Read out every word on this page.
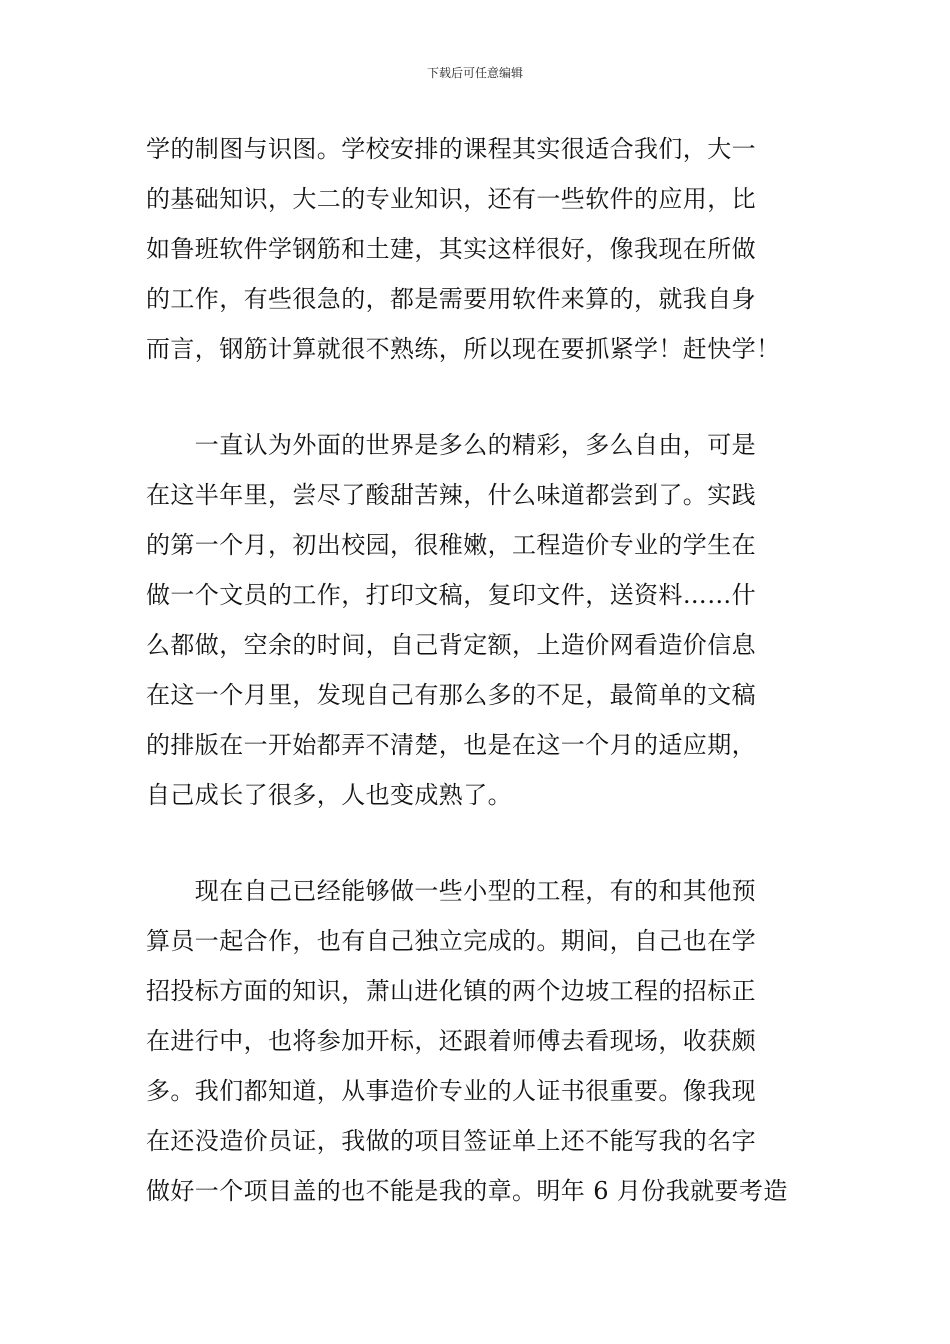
下载后可任意编辑
学的制图与识图。学校安排的课程其实很适合我们，大一
的基础知识，大二的专业知识，还有一些软件的应用，比
如鲁班软件学钢筋和土建，其实这样很好，像我现在所做
的工作，有些很急的，都是需要用软件来算的，就我自身
而言，钢筋计算就很不熟练，所以现在要抓紧学！赶快学！
　　一直认为外面的世界是多么的精彩，多么自由，可是
在这半年里，尝尽了酸甜苦辣，什么味道都尝到了。实践
的第一个月，初出校园，很稚嫩，工程造价专业的学生在
做一个文员的工作，打印文稿，复印文件，送资料……什
么都做，空余的时间，自己背定额，上造价网看造价信息
在这一个月里，发现自己有那么多的不足，最简单的文稿
的排版在一开始都弄不清楚，也是在这一个月的适应期，
自己成长了很多，人也变成熟了。
　　现在自己已经能够做一些小型的工程，有的和其他预
算员一起合作，也有自己独立完成的。期间，自己也在学
招投标方面的知识，萧山进化镇的两个边坡工程的招标正
在进行中，也将参加开标，还跟着师傅去看现场，收获颇
多。我们都知道，从事造价专业的人证书很重要。像我现
在还没造价员证，我做的项目签证单上还不能写我的名字
做好一个项目盖的也不能是我的章。明年 6 月份我就要考造
